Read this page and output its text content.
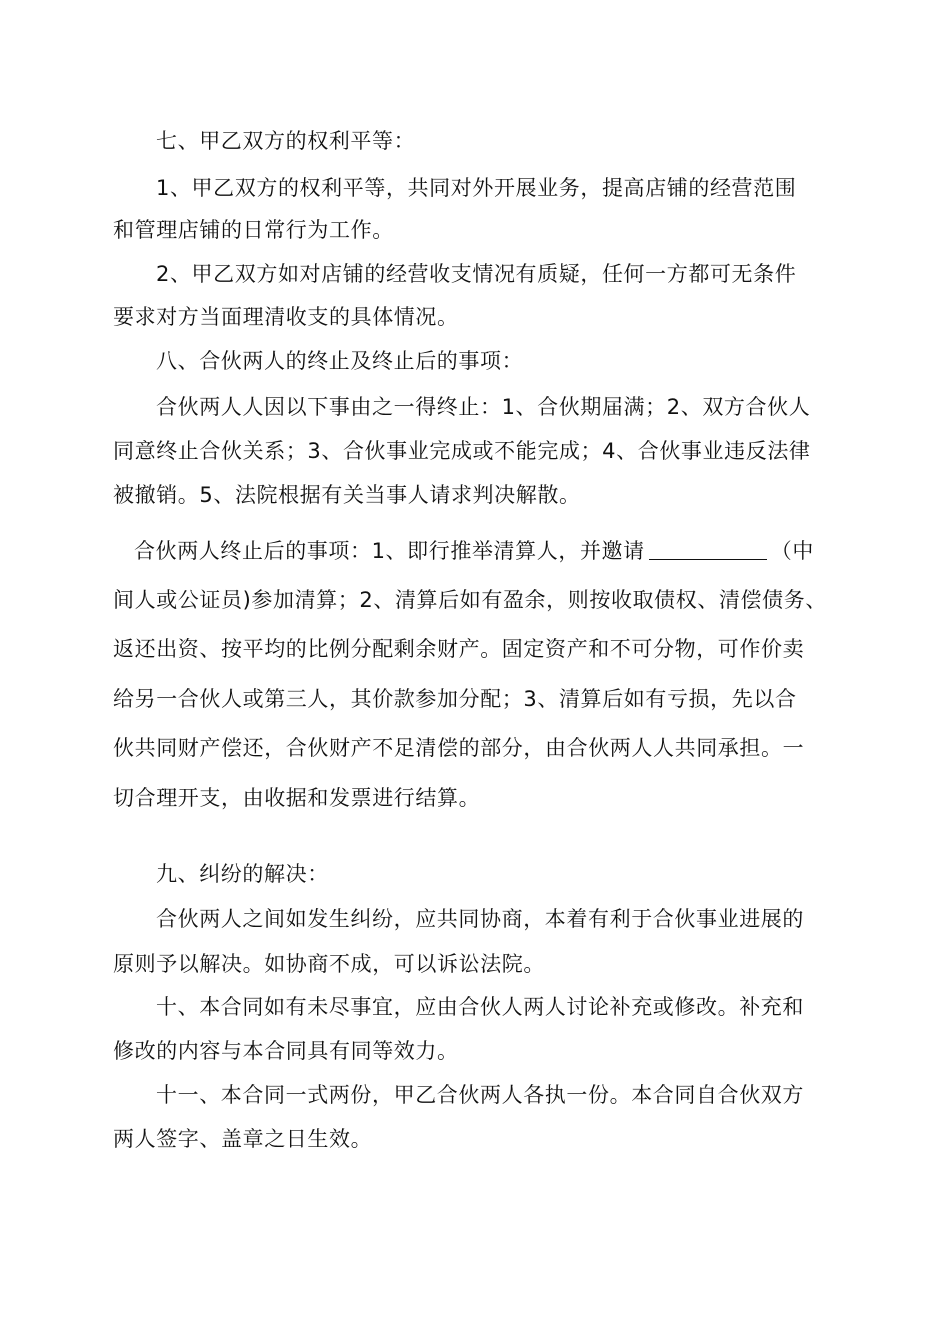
七、甲乙双方的权利平等：
1、甲乙双方的权利平等，共同对外开展业务，提高店铺的经营范围
和管理店铺的日常行为工作。
2、甲乙双方如对店铺的经营收支情况有质疑，任何一方都可无条件
要求对方当面理清收支的具体情况。
八、合伙两人的终止及终止后的事项：
合伙两人人因以下事由之一得终止：1、合伙期届满；2、双方合伙人
同意终止合伙关系；3、合伙事业完成或不能完成；4、合伙事业违反法律
被撤销。5、法院根据有关当事人请求判决解散。
合伙两人终止后的事项：1、即行推举清算人，并邀请	（中
间人或公证员)参加清算；2、清算后如有盈余，则按收取债权、清偿债务、
返还出资、按平均的比例分配剩余财产。固定资产和不可分物，可作价卖
给另一合伙人或第三人，其价款参加分配；3、清算后如有亏损，先以合
伙共同财产偿还，合伙财产不足清偿的部分，由合伙两人人共同承担。一
切合理开支，由收据和发票进行结算。
九、纠纷的解决：
合伙两人之间如发生纠纷，应共同协商，本着有利于合伙事业进展的
原则予以解决。如协商不成，可以诉讼法院。
十、本合同如有未尽事宜，应由合伙人两人讨论补充或修改。补充和
修改的内容与本合同具有同等效力。
十一、本合同一式两份，甲乙合伙两人各执一份。本合同自合伙双方
两人签字、盖章之日生效。
